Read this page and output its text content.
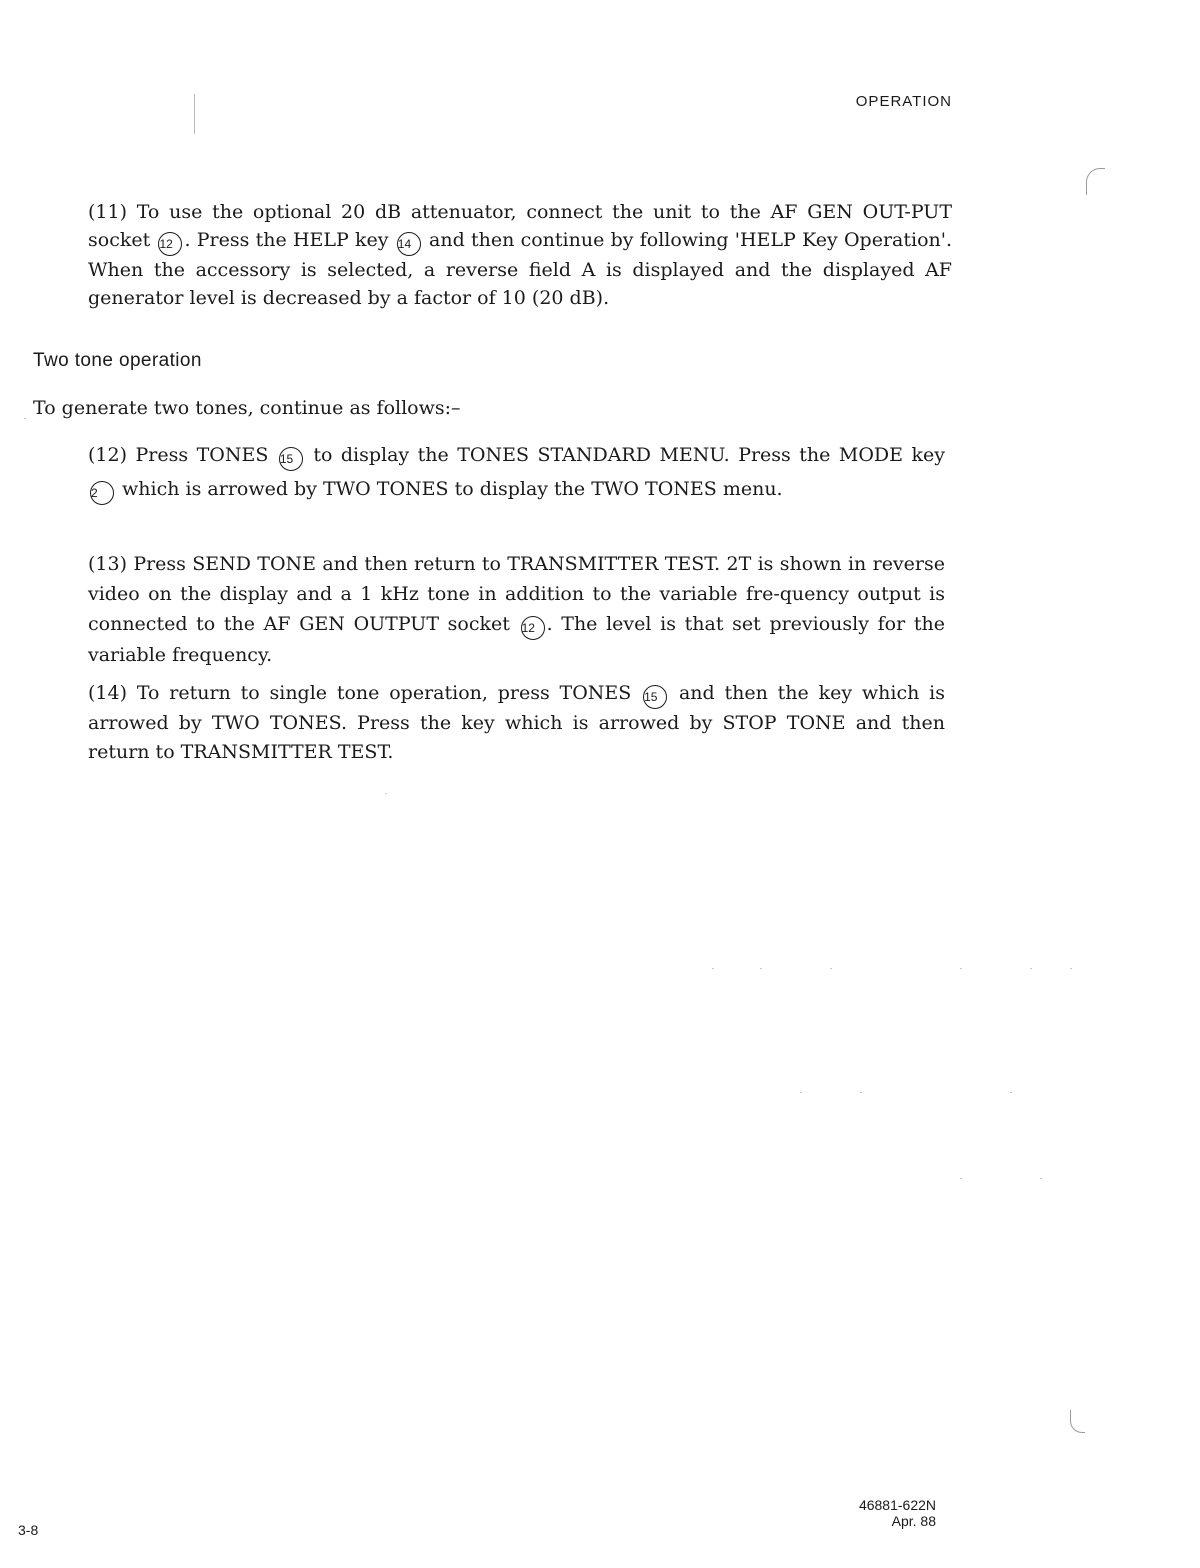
OPERATION

(11) To use the optional 20 dB attenuator, connect the unit to the AF GEN OUT-PUT socket 12 . Press the HELP key 14 and then continue by following 'HELP Key Operation'. When the accessory is selected, a reverse field A is displayed and the displayed AF generator level is decreased by a factor of 10 (20 dB).

Two tone operation

To generate two tones, continue as follows:–

(12) Press TONES 15 to display the TONES STANDARD MENU. Press the MODE key 2 which is arrowed by TWO TONES to display the TWO TONES menu.

(13) Press SEND TONE and then return to TRANSMITTER TEST. 2T is shown in reverse video on the display and a 1 kHz tone in addition to the variable fre-quency output is connected to the AF GEN OUTPUT socket 12 . The level is that set previously for the variable frequency.

(14) To return to single tone operation, press TONES 15 and then the key which is arrowed by TWO TONES. Press the key which is arrowed by STOP TONE and then return to TRANSMITTER TEST.

46881-622N
Apr. 88
3-8
